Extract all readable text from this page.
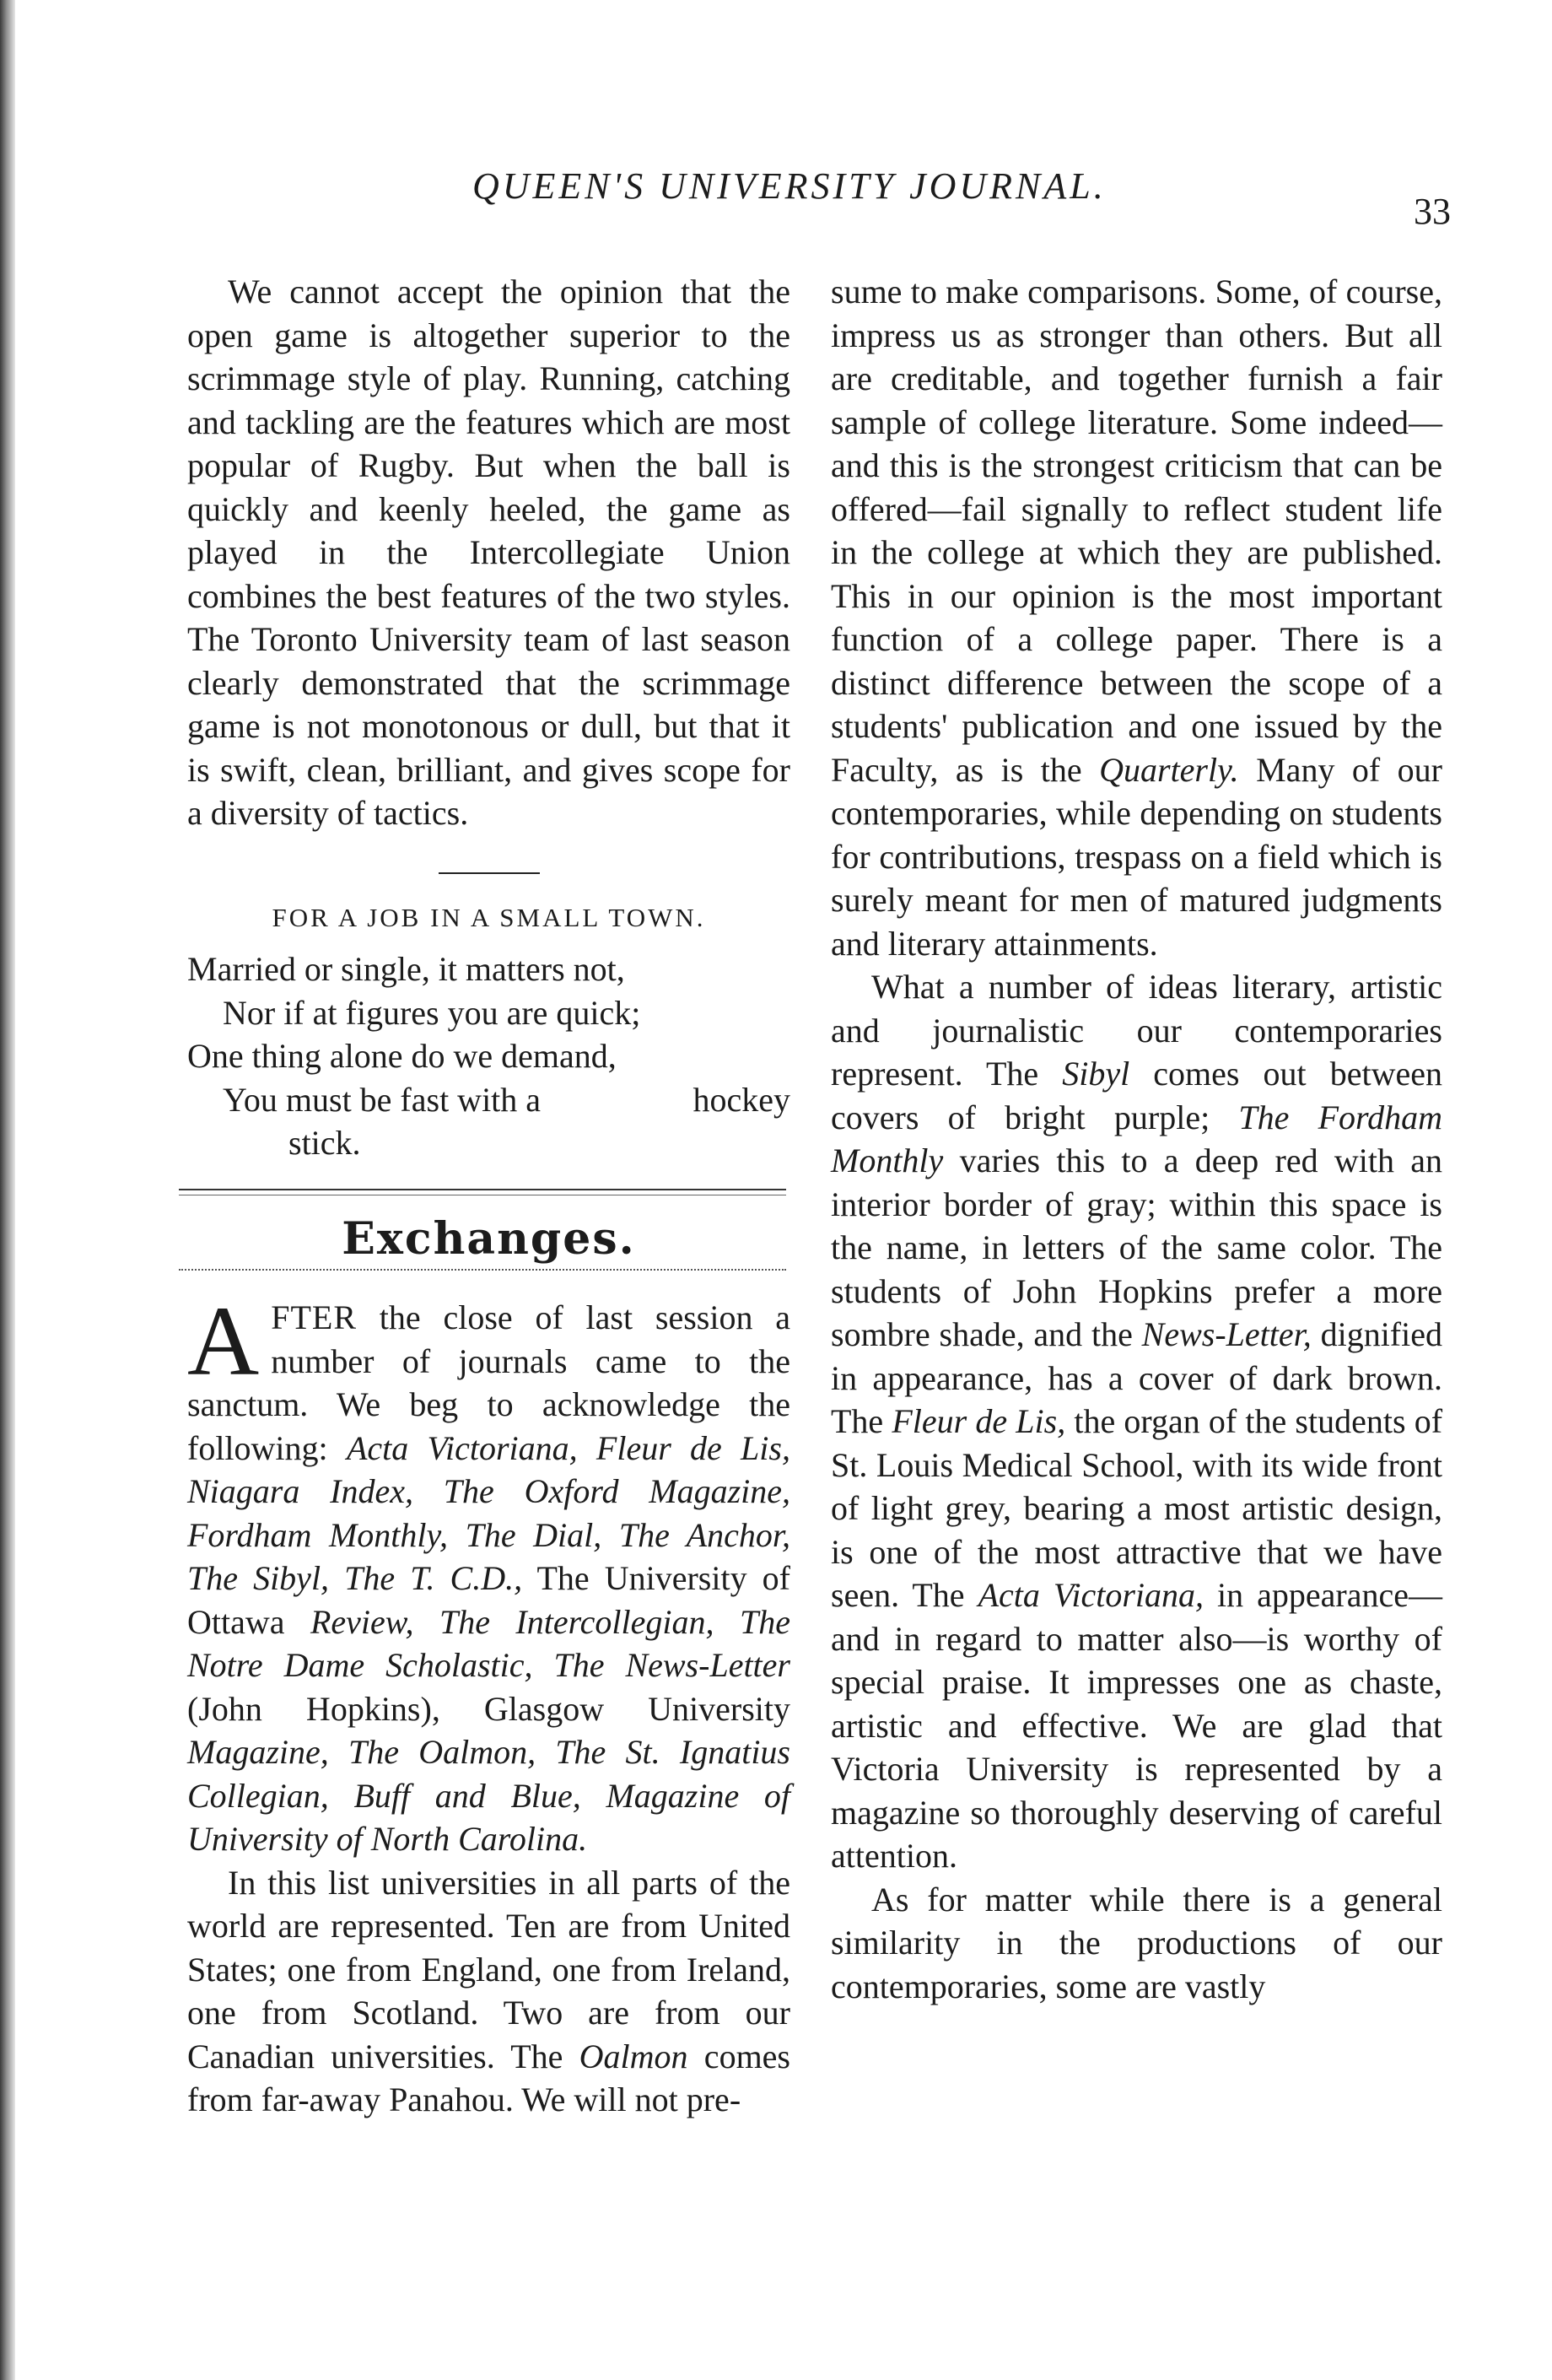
QUEEN'S UNIVERSITY JOURNAL.
33

We cannot accept the opinion that the open game is altogether superior to the scrimmage style of play. Running, catching and tackling are the features which are most popular of Rugby. But when the ball is quickly and keenly heeled, the game as played in the Intercollegiate Union combines the best features of the two styles. The Toronto University team of last season clearly demonstrated that the scrimmage game is not monotonous or dull, but that it is swift, clean, brilliant, and gives scope for a diversity of tactics.

FOR A JOB IN A SMALL TOWN.

Married or single, it matters not,

Nor if at figures you are quick;

One thing alone do we demand,

You must be fast with a	hockey

stick.

Exchanges.

AFTER the close of last session a number of journals came to the sanctum. We beg to acknowledge the following: Acta Victoriana, Fleur de Lis, Niagara Index, The Oxford Magazine, Fordham Monthly, The Dial, The Anchor, The Sibyl, The T. C.D., The University of Ottawa Review, The Intercollegian, The Notre Dame Scholastic, The News-Letter (John Hopkins), Glasgow University Magazine, The Oalmon, The St. Ignatius Collegian, Buff and Blue, Magazine of University of North Carolina.

In this list universities in all parts of the world are represented. Ten are from United States; one from England, one from Ireland, one from Scotland. Two are from our Canadian universities. The Oalmon comes from far-away Panahou. We will not pre-

sume to make comparisons. Some, of course, impress us as stronger than others. But all are creditable, and together furnish a fair sample of college literature. Some indeed—and this is the strongest criticism that can be offered—fail signally to reflect student life in the college at which they are published. This in our opinion is the most important function of a college paper. There is a distinct difference between the scope of a students' publication and one issued by the Faculty, as is the Quarterly. Many of our contemporaries, while depending on students for contributions, trespass on a field which is surely meant for men of matured judgments and literary attainments.

What a number of ideas literary, artistic and journalistic our contemporaries represent. The Sibyl comes out between covers of bright purple; The Fordham Monthly varies this to a deep red with an interior border of gray; within this space is the name, in letters of the same color. The students of John Hopkins prefer a more sombre shade, and the News-Letter, dignified in appearance, has a cover of dark brown. The Fleur de Lis, the organ of the students of St. Louis Medical School, with its wide front of light grey, bearing a most artistic design, is one of the most attractive that we have seen. The Acta Victoriana, in appearance—and in regard to matter also—is worthy of special praise. It impresses one as chaste, artistic and effective. We are glad that Victoria University is represented by a magazine so thoroughly deserving of careful attention.

As for matter while there is a general similarity in the productions of our contemporaries, some are vastly
